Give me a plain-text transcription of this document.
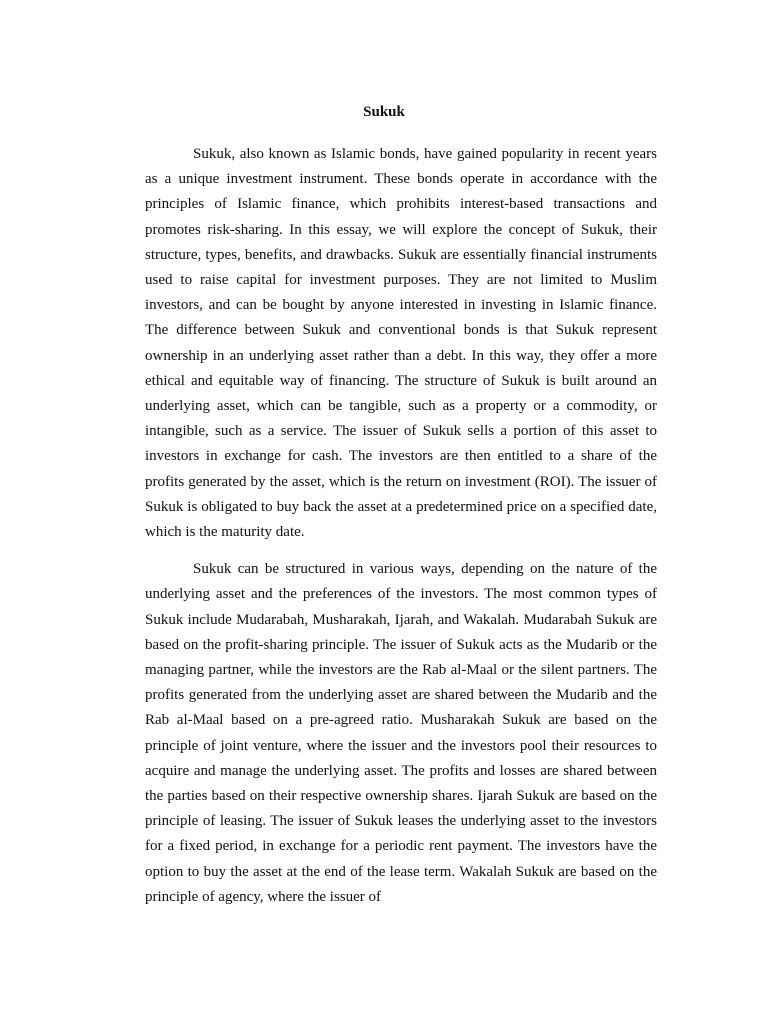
Sukuk

Sukuk, also known as Islamic bonds, have gained popularity in recent years as a unique investment instrument. These bonds operate in accordance with the principles of Islamic finance, which prohibits interest-based transactions and promotes risk-sharing. In this essay, we will explore the concept of Sukuk, their structure, types, benefits, and drawbacks. Sukuk are essentially financial instruments used to raise capital for investment purposes. They are not limited to Muslim investors, and can be bought by anyone interested in investing in Islamic finance. The difference between Sukuk and conventional bonds is that Sukuk represent ownership in an underlying asset rather than a debt. In this way, they offer a more ethical and equitable way of financing. The structure of Sukuk is built around an underlying asset, which can be tangible, such as a property or a commodity, or intangible, such as a service. The issuer of Sukuk sells a portion of this asset to investors in exchange for cash. The investors are then entitled to a share of the profits generated by the asset, which is the return on investment (ROI). The issuer of Sukuk is obligated to buy back the asset at a predetermined price on a specified date, which is the maturity date.

Sukuk can be structured in various ways, depending on the nature of the underlying asset and the preferences of the investors. The most common types of Sukuk include Mudarabah, Musharakah, Ijarah, and Wakalah. Mudarabah Sukuk are based on the profit-sharing principle. The issuer of Sukuk acts as the Mudarib or the managing partner, while the investors are the Rab al-Maal or the silent partners. The profits generated from the underlying asset are shared between the Mudarib and the Rab al-Maal based on a pre-agreed ratio. Musharakah Sukuk are based on the principle of joint venture, where the issuer and the investors pool their resources to acquire and manage the underlying asset. The profits and losses are shared between the parties based on their respective ownership shares. Ijarah Sukuk are based on the principle of leasing. The issuer of Sukuk leases the underlying asset to the investors for a fixed period, in exchange for a periodic rent payment. The investors have the option to buy the asset at the end of the lease term. Wakalah Sukuk are based on the principle of agency, where the issuer of
